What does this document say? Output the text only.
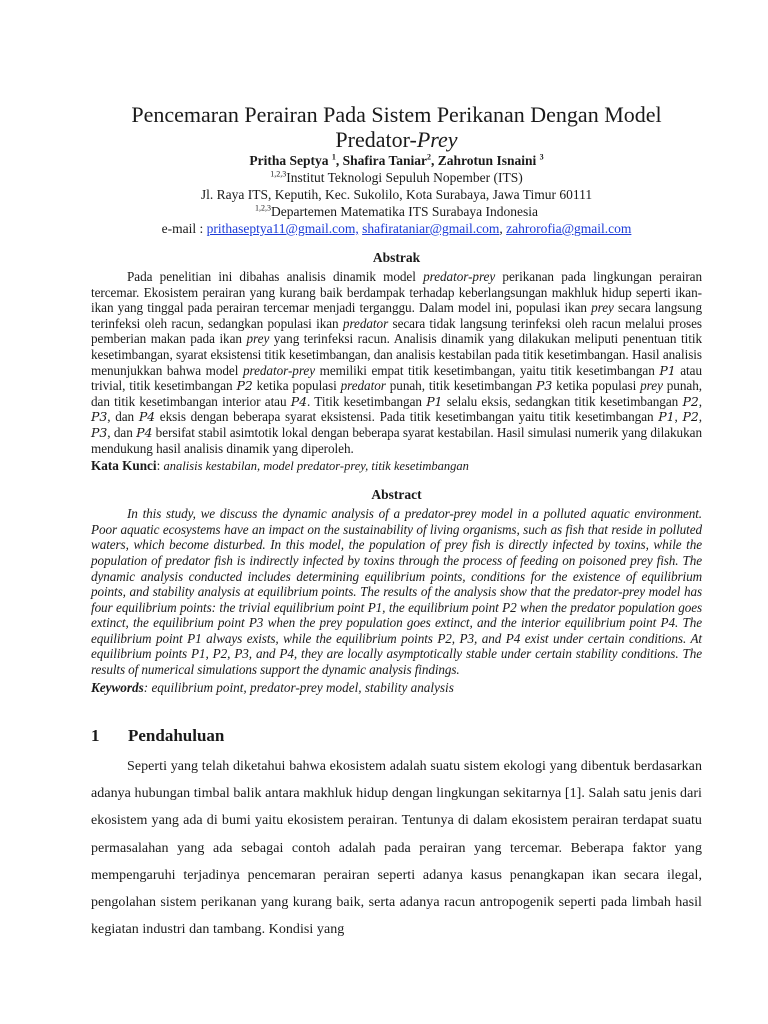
Pencemaran Perairan Pada Sistem Perikanan Dengan Model
Predator-Prey
Pritha Septya $^1$, Shafira Taniar$^2$, Zahrotun Isnaini $^3$
$^{1,2,3}$Institut Teknologi Sepuluh Nopember (ITS)
Jl. Raya ITS, Keputih, Kec. Sukolilo, Kota Surabaya, Jawa Timur 60111
$^{1,2,3}$Departemen Matematika ITS Surabaya Indonesia
e-mail : prithaseptya11@gmail.com, shafirataniar@gmail.com, zahrorofia@gmail.com
Abstrak

Pada penelitian ini dibahas analisis dinamik model predator-prey perikanan pada lingkungan perairan tercemar. Ekosistem perairan yang kurang baik berdampak terhadap keberlangsungan makhluk hidup seperti ikan-ikan yang tinggal pada perairan tercemar menjadi terganggu. Dalam model ini, populasi ikan prey secara langsung terinfeksi oleh racun, sedangkan populasi ikan predator secara tidak langsung terinfeksi oleh racun melalui proses pemberian makan pada ikan prey yang terinfeksi racun. Analisis dinamik yang dilakukan meliputi penentuan titik kesetimbangan, syarat eksistensi titik kesetimbangan, dan analisis kestabilan pada titik kesetimbangan. Hasil analisis menunjukkan bahwa model predator-prey memiliki empat titik kesetimbangan, yaitu titik kesetimbangan P1 atau trivial, titik kesetimbangan P2 ketika populasi predator punah, titik kesetimbangan P3 ketika populasi prey punah, dan titik kesetimbangan interior atau P4. Titik kesetimbangan P1 selalu eksis, sedangkan titik kesetimbangan P2, P3, dan P4 eksis dengan beberapa syarat eksistensi. Pada titik kesetimbangan yaitu titik kesetimbangan P1, P2, P3, dan P4 bersifat stabil asimtotik lokal dengan beberapa syarat kestabilan. Hasil simulasi numerik yang dilakukan mendukung hasil analisis dinamik yang diperoleh.

Kata Kunci: analisis kestabilan, model predator-prey, titik kesetimbangan
Abstract

In this study, we discuss the dynamic analysis of a predator-prey model in a polluted aquatic environment. Poor aquatic ecosystems have an impact on the sustainability of living organisms, such as fish that reside in polluted waters, which become disturbed. In this model, the population of prey fish is directly infected by toxins, while the population of predator fish is indirectly infected by toxins through the process of feeding on poisoned prey fish. The dynamic analysis conducted includes determining equilibrium points, conditions for the existence of equilibrium points, and stability analysis at equilibrium points. The results of the analysis show that the predator-prey model has four equilibrium points: the trivial equilibrium point P1, the equilibrium point P2 when the predator population goes extinct, the equilibrium point P3 when the prey population goes extinct, and the interior equilibrium point P4. The equilibrium point P1 always exists, while the equilibrium points P2, P3, and P4 exist under certain conditions. At equilibrium points P1, P2, P3, and P4, they are locally asymptotically stable under certain stability conditions. The results of numerical simulations support the dynamic analysis findings.

Keywords: equilibrium point, predator-prey model, stability analysis
1	Pendahuluan

Seperti yang telah diketahui bahwa ekosistem adalah suatu sistem ekologi yang dibentuk berdasarkan adanya hubungan timbal balik antara makhluk hidup dengan lingkungan sekitarnya [1]. Salah satu jenis dari ekosistem yang ada di bumi yaitu ekosistem perairan. Tentunya di dalam ekosistem perairan terdapat suatu permasalahan yang ada sebagai contoh adalah pada perairan yang tercemar. Beberapa faktor yang mempengaruhi terjadinya pencemaran perairan seperti adanya kasus penangkapan ikan secara ilegal, pengolahan sistem perikanan yang kurang baik, serta adanya racun antropogenik seperti pada limbah hasil kegiatan industri dan tambang. Kondisi yang
